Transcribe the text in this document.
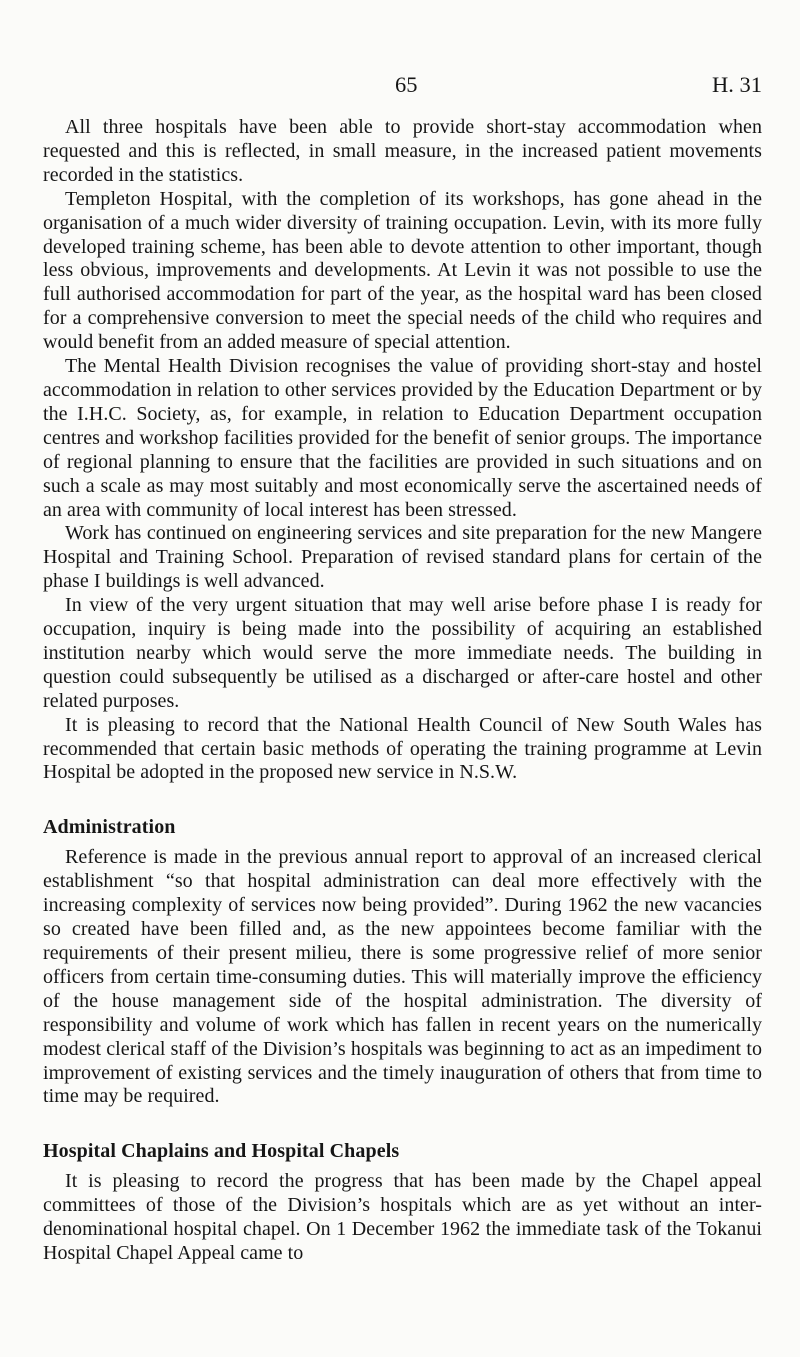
65	H. 31

All three hospitals have been able to provide short-stay accommodation when requested and this is reflected, in small measure, in the increased patient movements recorded in the statistics.

Templeton Hospital, with the completion of its workshops, has gone ahead in the organisation of a much wider diversity of training occupation. Levin, with its more fully developed training scheme, has been able to devote attention to other important, though less obvious, improvements and developments. At Levin it was not possible to use the full authorised accommodation for part of the year, as the hospital ward has been closed for a comprehensive conversion to meet the special needs of the child who requires and would benefit from an added measure of special attention.

The Mental Health Division recognises the value of providing short-stay and hostel accommodation in relation to other services provided by the Education Department or by the I.H.C. Society, as, for example, in relation to Education Department occupation centres and workshop facilities provided for the benefit of senior groups. The importance of regional planning to ensure that the facilities are provided in such situations and on such a scale as may most suitably and most economically serve the ascertained needs of an area with community of local interest has been stressed.

Work has continued on engineering services and site preparation for the new Mangere Hospital and Training School. Preparation of revised standard plans for certain of the phase I buildings is well advanced.

In view of the very urgent situation that may well arise before phase I is ready for occupation, inquiry is being made into the possibility of acquiring an established institution nearby which would serve the more immediate needs. The building in question could subsequently be utilised as a discharged or after-care hostel and other related purposes.

It is pleasing to record that the National Health Council of New South Wales has recommended that certain basic methods of operating the training programme at Levin Hospital be adopted in the proposed new service in N.S.W.

Administration

Reference is made in the previous annual report to approval of an increased clerical establishment “so that hospital administration can deal more effectively with the increasing complexity of services now being provided”. During 1962 the new vacancies so created have been filled and, as the new appointees become familiar with the requirements of their present milieu, there is some progressive relief of more senior officers from certain time-consuming duties. This will materially improve the efficiency of the house management side of the hospital administration. The diversity of responsibility and volume of work which has fallen in recent years on the numerically modest clerical staff of the Division’s hospitals was beginning to act as an impediment to improvement of existing services and the timely inauguration of others that from time to time may be required.

Hospital Chaplains and Hospital Chapels

It is pleasing to record the progress that has been made by the Chapel appeal committees of those of the Division’s hospitals which are as yet without an inter-denominational hospital chapel. On 1 December 1962 the immediate task of the Tokanui Hospital Chapel Appeal came to
